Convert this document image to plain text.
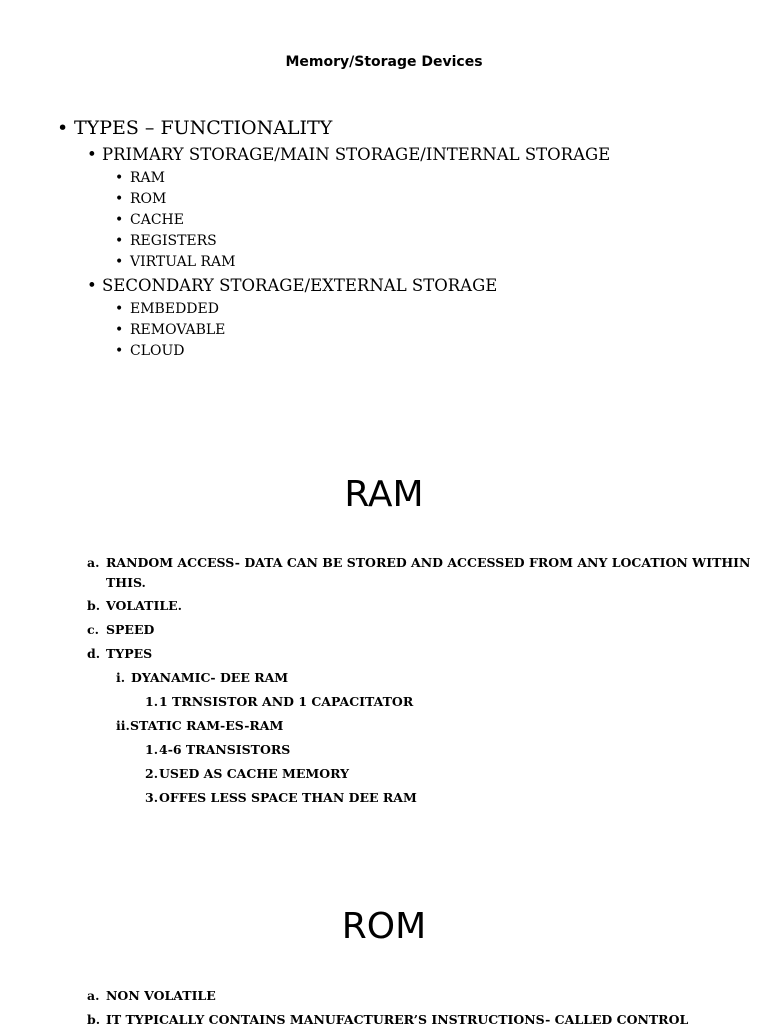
Memory/Storage Devices
• TYPES – FUNCTIONALITY
• PRIMARY STORAGE/MAIN STORAGE/INTERNAL STORAGE
• RAM
• ROM
• CACHE
• REGISTERS
• VIRTUAL RAM
• SECONDARY STORAGE/EXTERNAL STORAGE
• EMBEDDED
• REMOVABLE
• CLOUD
RAM
a. RANDOM ACCESS- DATA CAN BE STORED AND ACCESSED FROM ANY LOCATION WITHIN
THIS.
b. VOLATILE.
c. SPEED
d. TYPES
i. DYANAMIC- DEE RAM
1. 1 TRNSISTOR AND 1 CAPACITATOR
ii. STATIC RAM-ES-RAM
1. 4-6 TRANSISTORS
2. USED AS CACHE MEMORY
3. OFFES LESS SPACE THAN DEE RAM
ROM
a. NON VOLATILE
b. IT TYPICALLY CONTAINS MANUFACTURER’S INSTRUCTIONS- CALLED CONTROL
